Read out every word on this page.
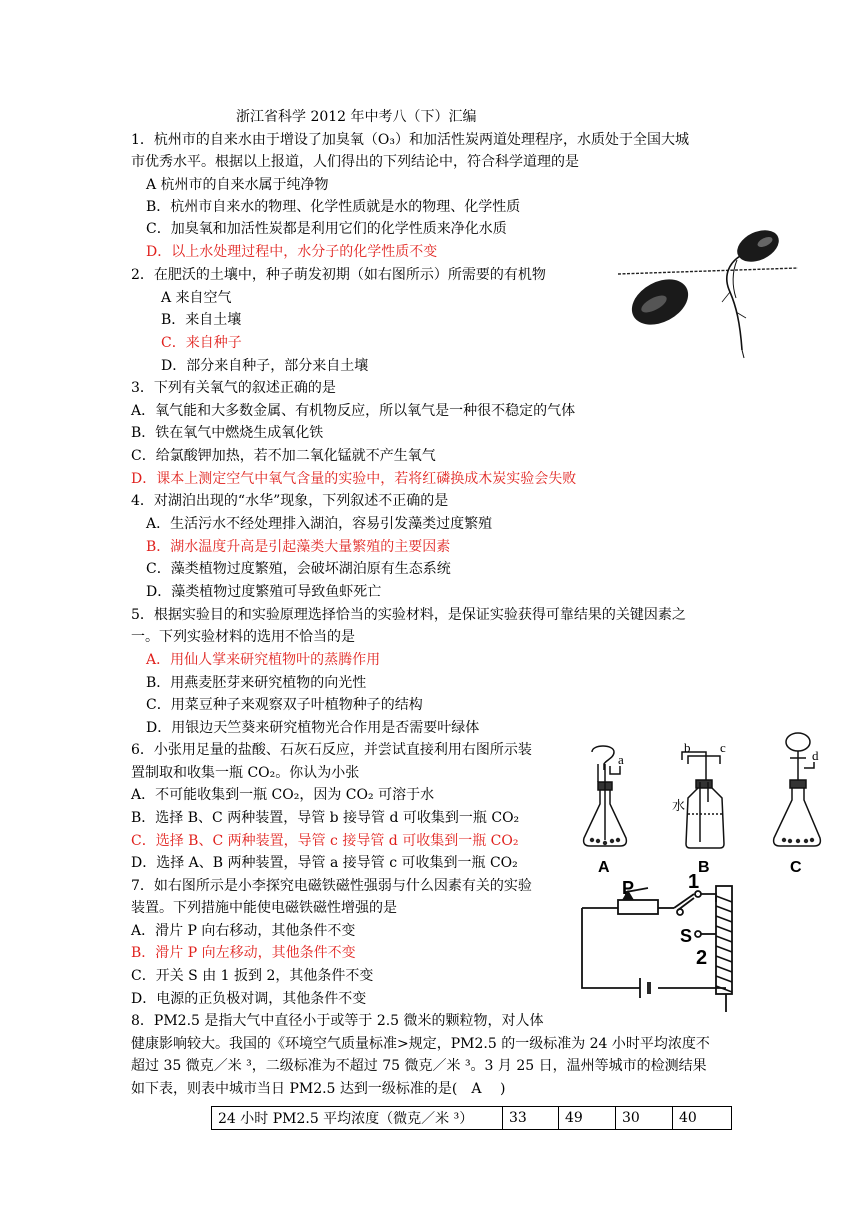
浙江省科学 2012 年中考八（下）汇编
1．杭州市的自来水由于增设了加臭氧（O₃）和加活性炭两道处理程序，水质处于全国大城
市优秀水平。根据以上报道，人们得出的下列结论中，符合科学道理的是
A 杭州市的自来水属于纯净物
B．杭州市自来水的物理、化学性质就是水的物理、化学性质
C．加臭氧和加活性炭都是利用它们的化学性质来净化水质
D．以上水处理过程中，水分子的化学性质不变
2．在肥沃的土壤中，种子萌发初期（如右图所示）所需要的有机物
A 来自空气
B．来自土壤
C．来自种子
D．部分来自种子，部分来自土壤
3．下列有关氧气的叙述正确的是
A．氧气能和大多数金属、有机物反应，所以氧气是一种很不稳定的气体
B．铁在氧气中燃烧生成氧化铁
C．给氯酸钾加热，若不加二氧化锰就不产生氧气
D．课本上测定空气中氧气含量的实验中，若将红磷换成木炭实验会失败
4．对湖泊出现的“水华”现象，下列叙述不正确的是
A．生活污水不经处理排入湖泊，容易引发藻类过度繁殖
B．湖水温度升高是引起藻类大量繁殖的主要因素
C．藻类植物过度繁殖，会破坏湖泊原有生态系统
D．藻类植物过度繁殖可导致鱼虾死亡
5．根据实验目的和实验原理选择恰当的实验材料，是保证实验获得可靠结果的关键因素之
一。下列实验材料的选用不恰当的是
A．用仙人掌来研究植物叶的蒸腾作用
B．用燕麦胚芽来研究植物的向光性
C．用菜豆种子来观察双子叶植物种子的结构
D．用银边天竺葵来研究植物光合作用是否需要叶绿体
6．小张用足量的盐酸、石灰石反应，并尝试直接利用右图所示装
置制取和收集一瓶 CO₂。你认为小张
A．不可能收集到一瓶 CO₂，因为 CO₂ 可溶于水
B．选择 B、C 两种装置，导管 b 接导管 d 可收集到一瓶 CO₂
C．选择 B、C 两种装置，导管 c 接导管 d 可收集到一瓶 CO₂
D．选择 A、B 两种装置，导管 a 接导管 c 可收集到一瓶 CO₂
a
b c
d
水
A	B	C
7．如右图所示是小李探究电磁铁磁性强弱与什么因素有关的实验
装置。下列措施中能使电磁铁磁性增强的是
A．滑片 P 向右移动，其他条件不变
B．滑片 P 向左移动，其他条件不变
C．开关 S 由 1 扳到 2，其他条件不变
D．电源的正负极对调，其他条件不变
P	1
S
2
8．PM2.5 是指大气中直径小于或等于 2.5 微米的颗粒物，对人体
健康影响较大。我国的《环境空气质量标准>规定，PM2.5 的一级标准为 24 小时平均浓度不
超过 35 微克／米 ³，二级标准为不超过 75 微克／米 ³。3 月 25 日，温州等城市的检测结果
如下表，则表中城市当日 PM2.5 达到一级标准的是(　A　 )
24 小时 PM2.5 平均浓度（微克／米 ³）	33	49	30	40
